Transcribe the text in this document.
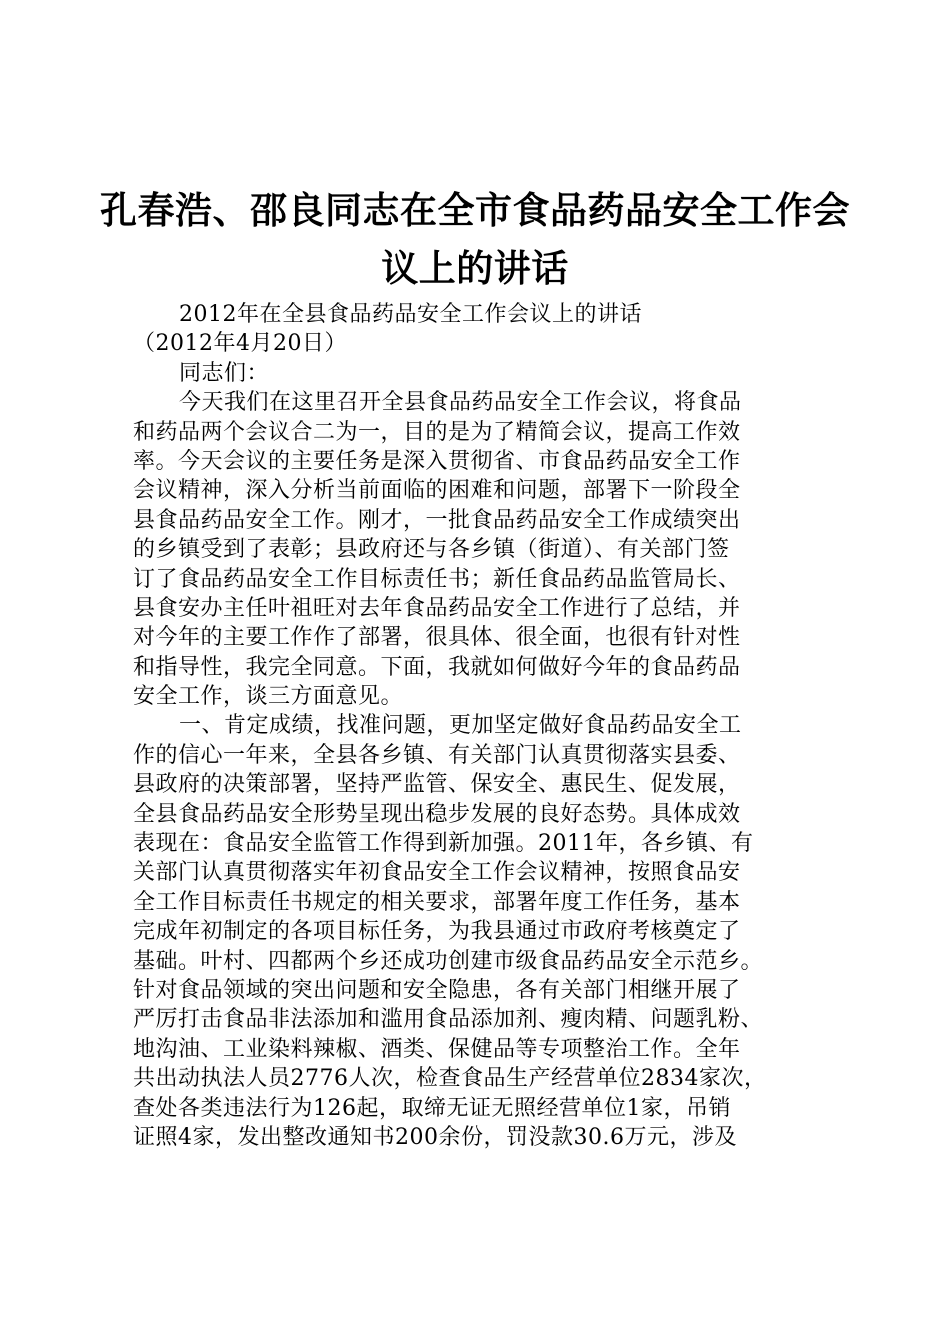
孔春浩、邵良同志在全市食品药品安全工作会
议上的讲话
2012年在全县食品药品安全工作会议上的讲话
（2012年4月20日）
同志们：
今天我们在这里召开全县食品药品安全工作会议，将食品
和药品两个会议合二为一，目的是为了精简会议，提高工作效
率。今天会议的主要任务是深入贯彻省、市食品药品安全工作
会议精神，深入分析当前面临的困难和问题，部署下一阶段全
县食品药品安全工作。刚才，一批食品药品安全工作成绩突出
的乡镇受到了表彰；县政府还与各乡镇（街道）、有关部门签
订了食品药品安全工作目标责任书；新任食品药品监管局长、
县食安办主任叶祖旺对去年食品药品安全工作进行了总结，并
对今年的主要工作作了部署，很具体、很全面，也很有针对性
和指导性，我完全同意。下面，我就如何做好今年的食品药品
安全工作，谈三方面意见。
一、肯定成绩，找准问题，更加坚定做好食品药品安全工
作的信心一年来，全县各乡镇、有关部门认真贯彻落实县委、
县政府的决策部署，坚持严监管、保安全、惠民生、促发展，
全县食品药品安全形势呈现出稳步发展的良好态势。具体成效
表现在：食品安全监管工作得到新加强。2011年，各乡镇、有
关部门认真贯彻落实年初食品安全工作会议精神，按照食品安
全工作目标责任书规定的相关要求，部署年度工作任务，基本
完成年初制定的各项目标任务，为我县通过市政府考核奠定了
基础。叶村、四都两个乡还成功创建市级食品药品安全示范乡。
针对食品领域的突出问题和安全隐患，各有关部门相继开展了
严厉打击食品非法添加和滥用食品添加剂、瘦肉精、问题乳粉、
地沟油、工业染料辣椒、酒类、保健品等专项整治工作。全年
共出动执法人员2776人次，检查食品生产经营单位2834家次，
查处各类违法行为126起，取缔无证无照经营单位1家，吊销
证照4家，发出整改通知书200余份，罚没款30.6万元，涉及
